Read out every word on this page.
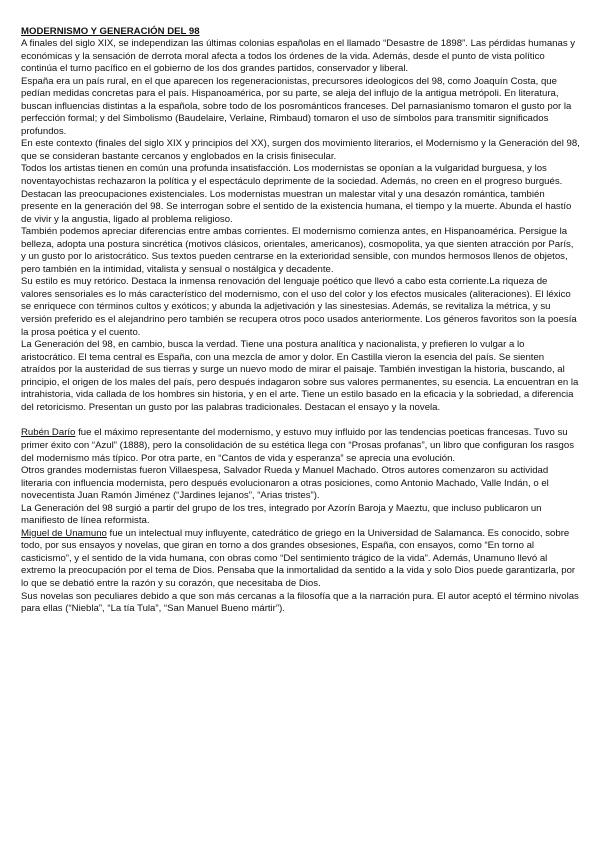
MODERNISMO Y GENERACIÓN DEL 98

A finales del siglo XIX, se independizan las últimas colonias españolas en el llamado “Desastre de 1898”. Las pérdidas humanas y económicas y la sensación de derrota moral afecta a todos los órdenes de la vida. Además, desde el punto de vista político continúa el turno pacífico en el gobierno de los dos grandes partidos, conservador y liberal.

España era un país rural, en el que aparecen los regeneracionistas, precursores ideologicos del 98, como Joaquín Costa, que pedían medidas concretas para el país. Hispanoamérica, por su parte, se aleja del influjo de la antigua metrópoli. En literatura, buscan influencias distintas a la española, sobre todo de los posrománticos franceses. Del parnasianismo tomaron el gusto por la perfección formal; y del Simbolismo (Baudelaire, Verlaine, Rimbaud) tomaron el uso de símbolos para transmitir significados profundos.

En este contexto (finales del siglo XIX y principios del XX), surgen dos movimiento literarios, el Modernismo y la Generación del 98, que se consideran bastante cercanos y englobados en la crisis finisecular.

Todos los artistas tienen en común una profunda insatisfacción. Los modernistas se oponían a la vulgaridad burguesa, y los noventayochistas rechazaron la política y el espectáculo deprimente de la sociedad. Además, no creen en el progreso burgués.

Destacan las preocupaciones existenciales. Los modernistas muestran un malestar vital y una desazón romántica, también presente en la generación del 98. Se interrogan sobre el sentido de la existencia humana, el tiempo y la muerte. Abunda el hastío de vivir y la angustia, ligado al problema religioso.

También podemos apreciar diferencias entre ambas corrientes. El modernismo comienza antes, en Hispanoamérica. Persigue la belleza, adopta una postura sincrética (motivos clásicos, orientales, americanos), cosmopolita, ya que sienten atracción por París, y un gusto por lo aristocrático. Sus textos pueden centrarse en la exterioridad sensible, con mundos hermosos llenos de objetos, pero también en la intimidad, vitalista y sensual o nostálgica y decadente.

Su estilo es muy retórico. Destaca la inmensa renovación del lenguaje poético que llevó a cabo esta corriente.La riqueza de valores sensoriales es lo más característico del modernismo, con el uso del color y los efectos musicales (aliteraciones). El léxico se enriquece con términos cultos y exóticos; y abunda la adjetivación y las sinestesias. Además, se revitaliza la métrica, y su versión preferido es el alejandrino pero también se recupera otros poco usados anteriormente. Los géneros favoritos son la poesía la prosa poética y el cuento.

La Generación del 98, en cambio, busca la verdad. Tiene una postura analítica y nacionalista, y prefieren lo vulgar a lo aristocrático. El tema central es España, con una mezcla de amor y dolor. En Castilla vieron la esencia del país. Se sienten atraídos por la austeridad de sus tierras y surge un nuevo modo de mirar el paisaje. También investigan la historia, buscando, al principio, el origen de los males del país, pero después indagaron sobre sus valores permanentes, su esencia. La encuentran en la intrahistoria, vida callada de los hombres sin historia, y en el arte. Tiene un estilo basado en la eficacia y la sobriedad, a diferencia del retoricismo. Presentan un gusto por las palabras tradicionales. Destacan el ensayo y la novela.

Rubén Darío fue el máximo representante del modernismo, y estuvo muy influido por las tendencias poeticas francesas. Tuvo su primer éxito con “Azul” (1888), pero la consolidación de su estética llega con “Prosas profanas”, un libro que configuran los rasgos del modernismo más típico. Por otra parte, en “Cantos de vida y esperanza” se aprecia una evolución.

Otros grandes modernistas fueron Villaespesa, Salvador Rueda y Manuel Machado. Otros autores comenzaron su actividad literaria con influencia modernista, pero después evolucionaron a otras posiciones, como Antonio Machado, Valle Indán, o el novecentista Juan Ramón Jiménez (“Jardines lejanos”, “Arias tristes”).

La Generación del 98 surgió a partir del grupo de los tres, integrado por Azorín Baroja y Maeztu, que incluso publicaron un manifiesto de línea reformista.

Miguel de Unamuno fue un intelectual muy influyente, catedrático de griego en la Universidad de Salamanca. Es conocido, sobre todo, por sus ensayos y novelas, que giran en torno a dos grandes obsesiones, España, con ensayos, como “En torno al casticismo”, y el sentido de la vida humana, con obras como “Del sentimiento trágico de la vida”. Además, Unamuno llevó al extremo la preocupación por el tema de Dios. Pensaba que la inmortalidad da sentido a la vida y solo Dios puede garantizarla, por lo que se debatió entre la razón y su corazón, que necesitaba de Dios.

Sus novelas son peculiares debido a que son más cercanas a la filosofía que a la narración pura. El autor aceptó el término nivolas para ellas (“Niebla”, “La tía Tula”, “San Manuel Bueno mártir”).
